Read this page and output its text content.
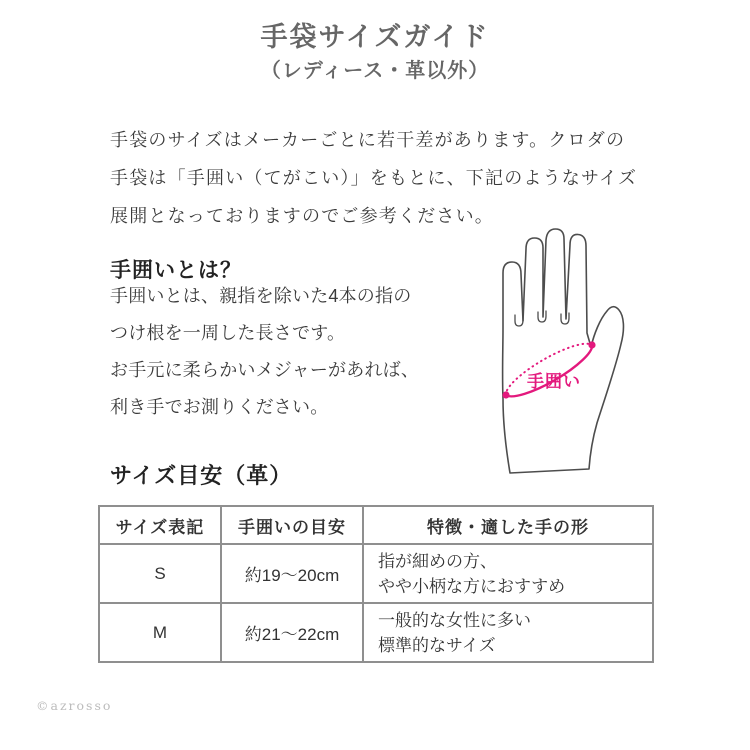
手袋サイズガイド
（レディース・革以外）
手袋のサイズはメーカーごとに若干差があります。クロダの
手袋は「手囲い（てがこい）」をもとに、下記のようなサイズ
展開となっておりますのでご参考ください。
手囲いとは？
手囲いとは、親指を除いた4本の指の
つけ根を一周した長さです。
お手元に柔らかいメジャーがあれば、
利き手でお測りください。
手囲い
サイズ目安（革）
サイズ表記	手囲いの目安	特徴・適した手の形
S	約19〜20cm	指が細めの方、
やや小柄な方におすすめ

M	約21〜22cm	一般的な女性に多い
標準的なサイズ
©azrosso
